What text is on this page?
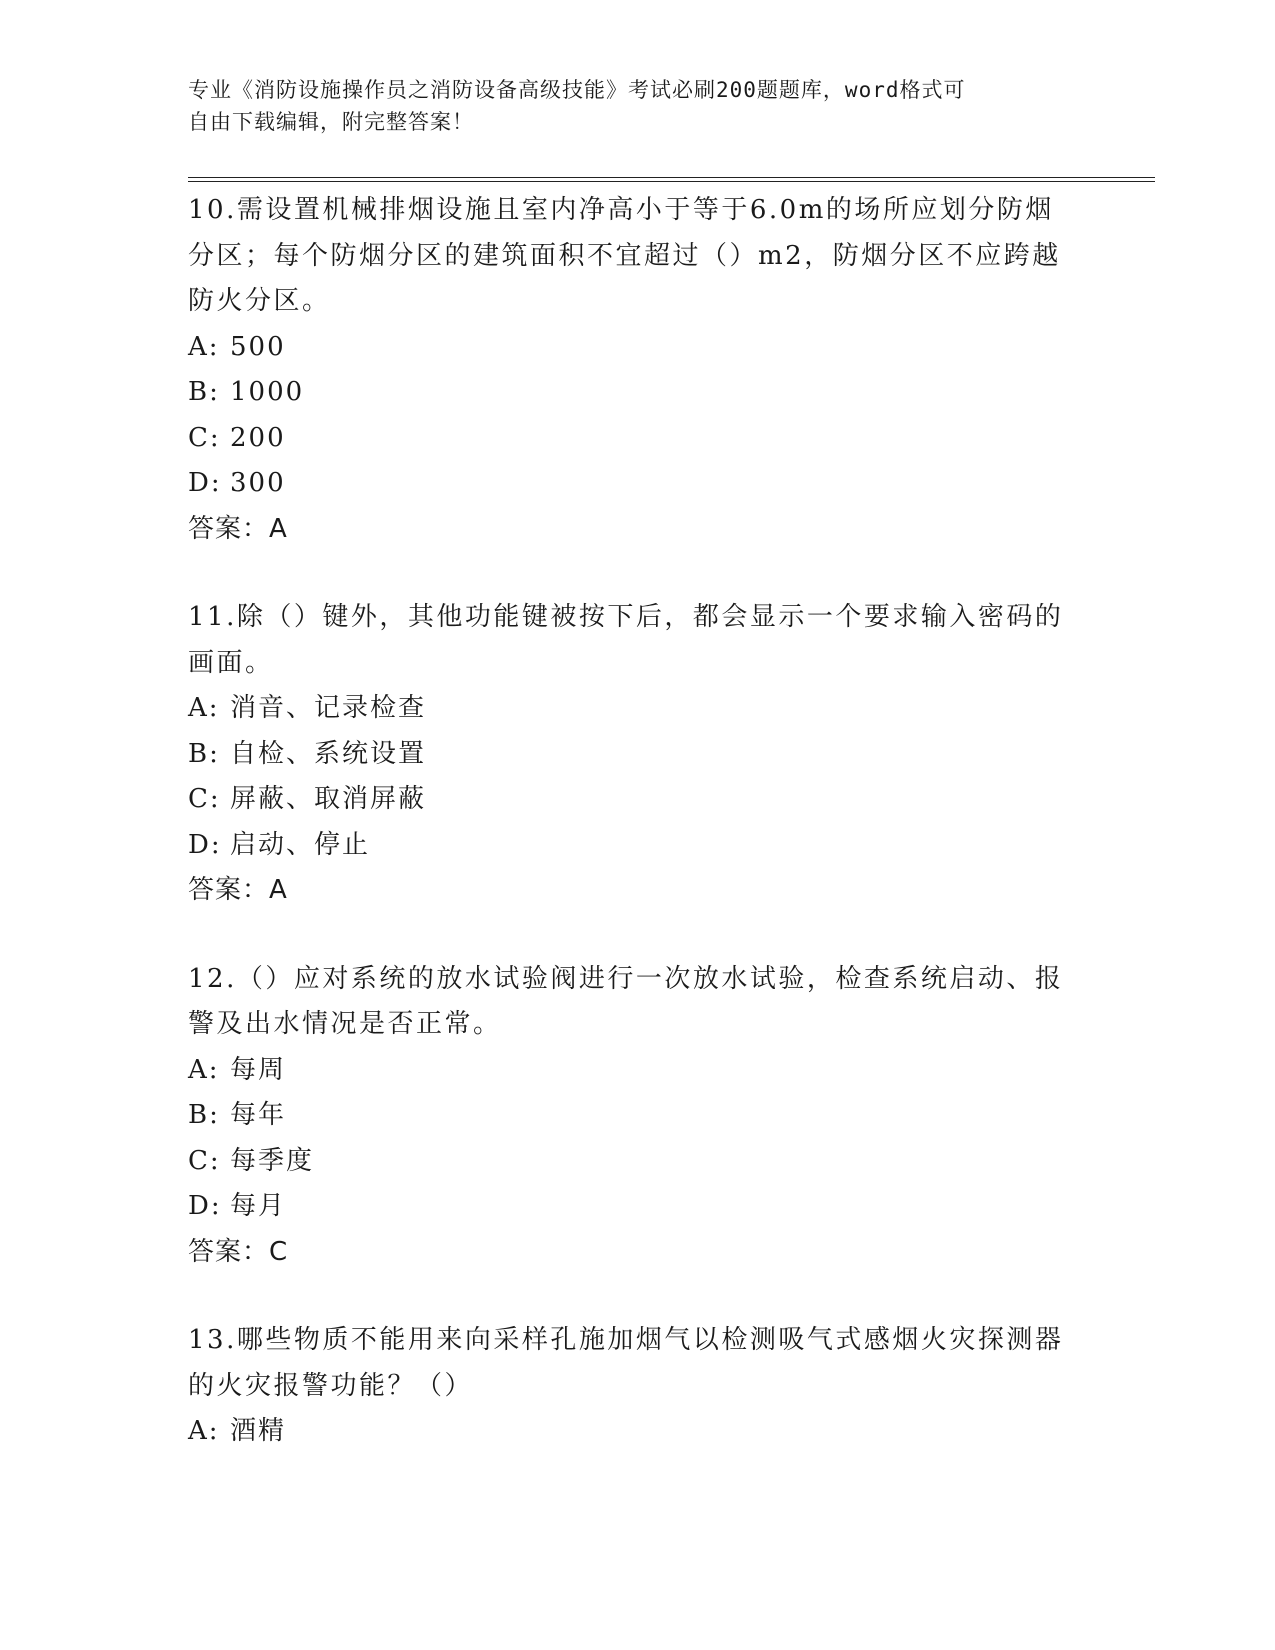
专业《消防设施操作员之消防设备高级技能》考试必刷200题题库，word格式可
自由下载编辑，附完整答案！
10.需设置机械排烟设施且室内净高小于等于6.0m的场所应划分防烟
分区；每个防烟分区的建筑面积不宜超过（）m2，防烟分区不应跨越
防火分区。
A: 500
B: 1000
C: 200
D: 300
答案：A
11.除（）键外，其他功能键被按下后，都会显示一个要求输入密码的
画面。
A: 消音、记录检查
B: 自检、系统设置
C: 屏蔽、取消屏蔽
D: 启动、停止
答案：A
12.（）应对系统的放水试验阀进行一次放水试验，检查系统启动、报
警及出水情况是否正常。
A: 每周
B: 每年
C: 每季度
D: 每月
答案：C
13.哪些物质不能用来向采样孔施加烟气以检测吸气式感烟火灾探测器
的火灾报警功能？（）
A: 酒精
